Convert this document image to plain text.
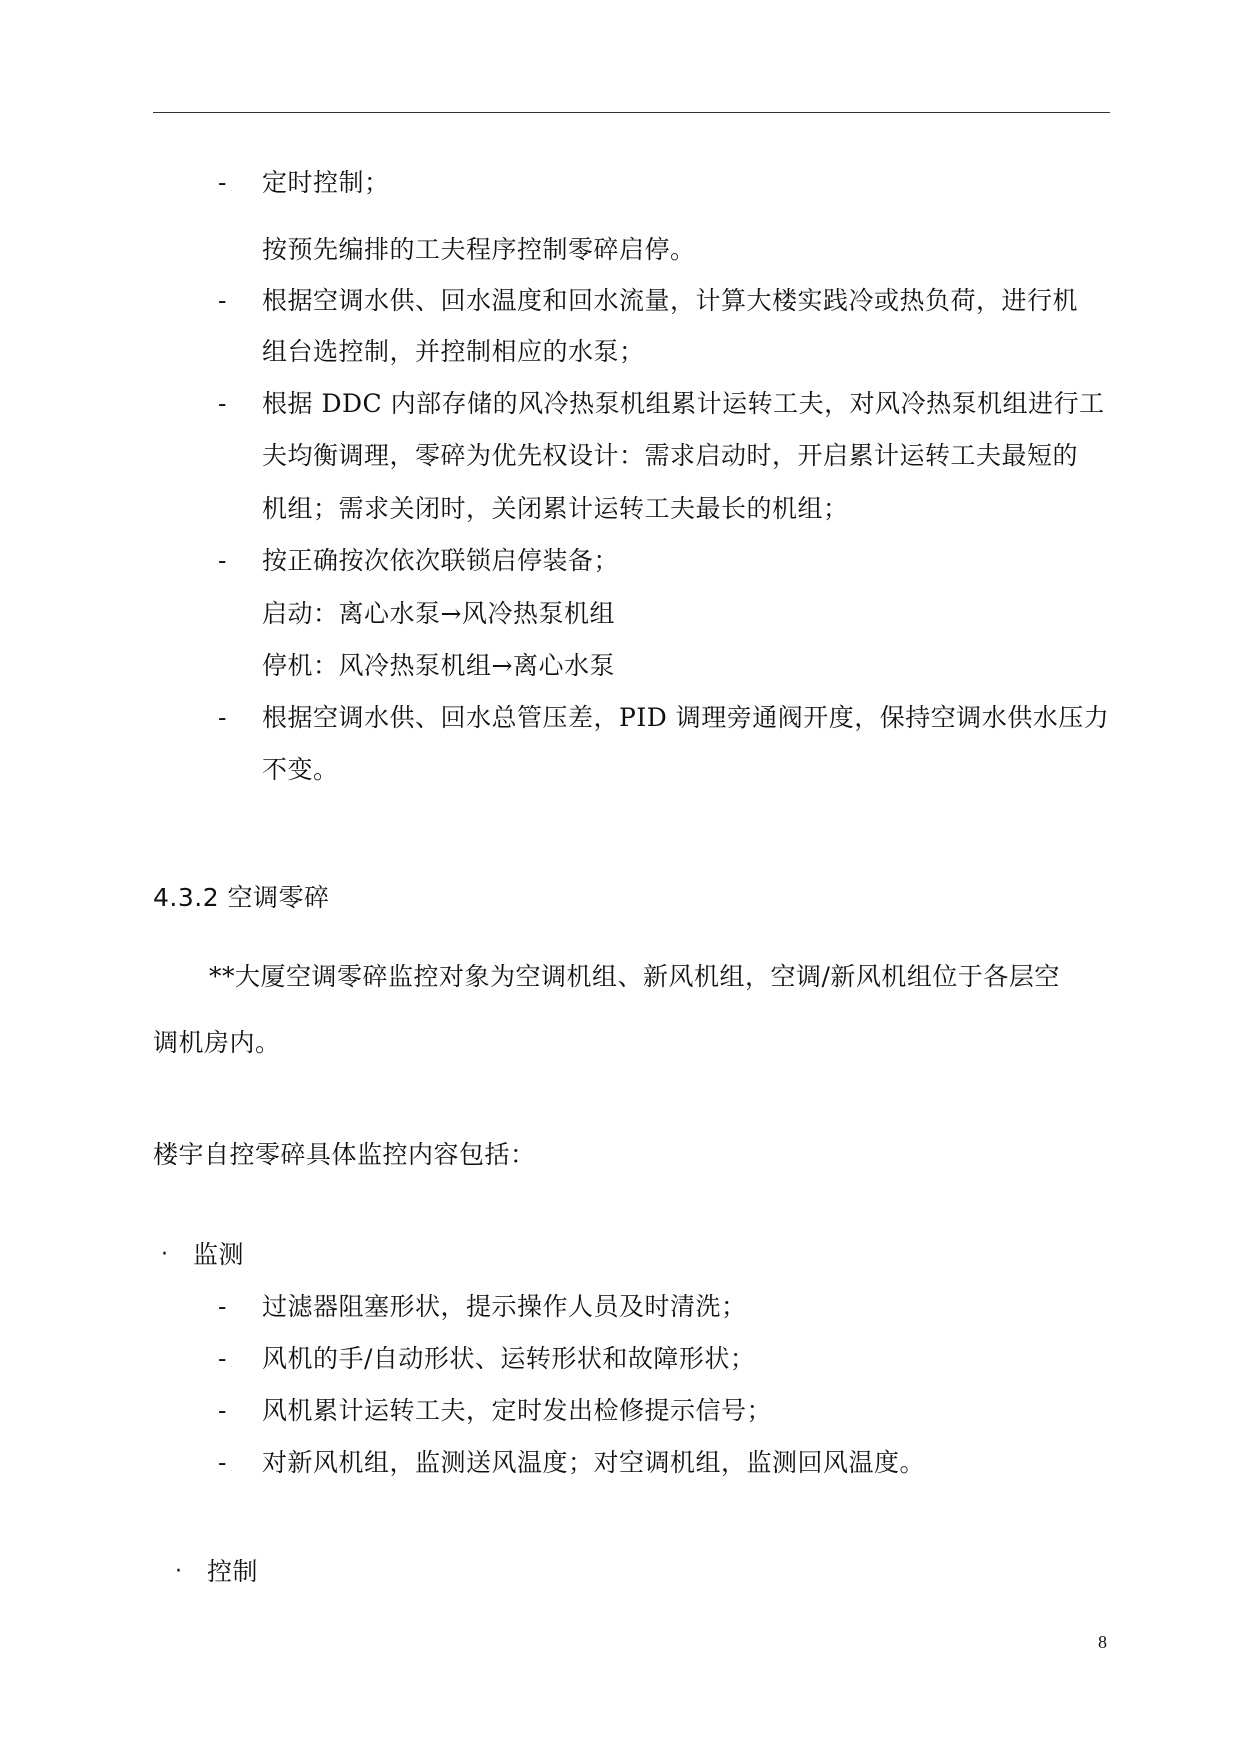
- 定时控制；
按预先编排的工夫程序控制零碎启停。
- 根据空调水供、回水温度和回水流量，计算大楼实践冷或热负荷，进行机
组台选控制，并控制相应的水泵；
- 根据 DDC 内部存储的风冷热泵机组累计运转工夫，对风冷热泵机组进行工
夫均衡调理，零碎为优先权设计：需求启动时，开启累计运转工夫最短的
机组；需求关闭时，关闭累计运转工夫最长的机组；
- 按正确按次依次联锁启停装备；
启动：离心水泵→风冷热泵机组
停机：风冷热泵机组→离心水泵
- 根据空调水供、回水总管压差，PID 调理旁通阀开度，保持空调水供水压力
不变。
4.3.2 空调零碎
**大厦空调零碎监控对象为空调机组、新风机组，空调/新风机组位于各层空
调机房内。
楼宇自控零碎具体监控内容包括：
· 监测
- 过滤器阻塞形状，提示操作人员及时清洗；
- 风机的手/自动形状、运转形状和故障形状；
- 风机累计运转工夫，定时发出检修提示信号；
- 对新风机组，监测送风温度；对空调机组，监测回风温度。
· 控制
8
